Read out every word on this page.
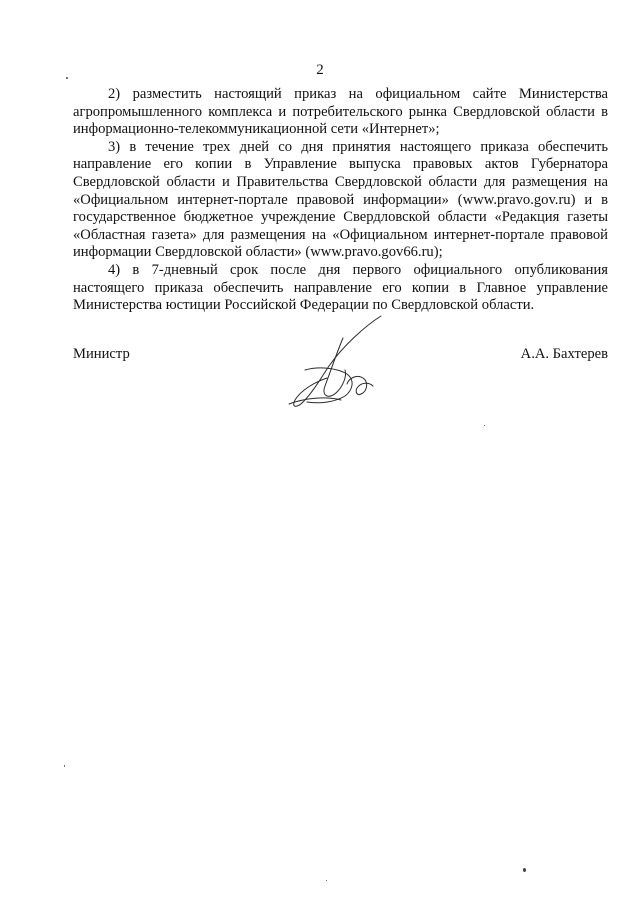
2

2) разместить настоящий приказ на официальном сайте Министерства агропромышленного комплекса и потребительского рынка Свердловской области в информационно-телекоммуникационной сети «Интернет»;

3) в течение трех дней со дня принятия настоящего приказа обеспечить направление его копии в Управление выпуска правовых актов Губернатора Свердловской области и Правительства Свердловской области для размещения на «Официальном интернет-портале правовой информации» (www.pravo.gov.ru) и в государственное бюджетное учреждение Свердловской области «Редакция газеты «Областная газета» для размещения на «Официальном интернет-портале правовой информации Свердловской области» (www.pravo.gov66.ru);

4) в 7-дневный срок после дня первого официального опубликования настоящего приказа обеспечить направление его копии в Главное управление Министерства юстиции Российской Федерации по Свердловской области.

Министр	А.А. Бахтерев
